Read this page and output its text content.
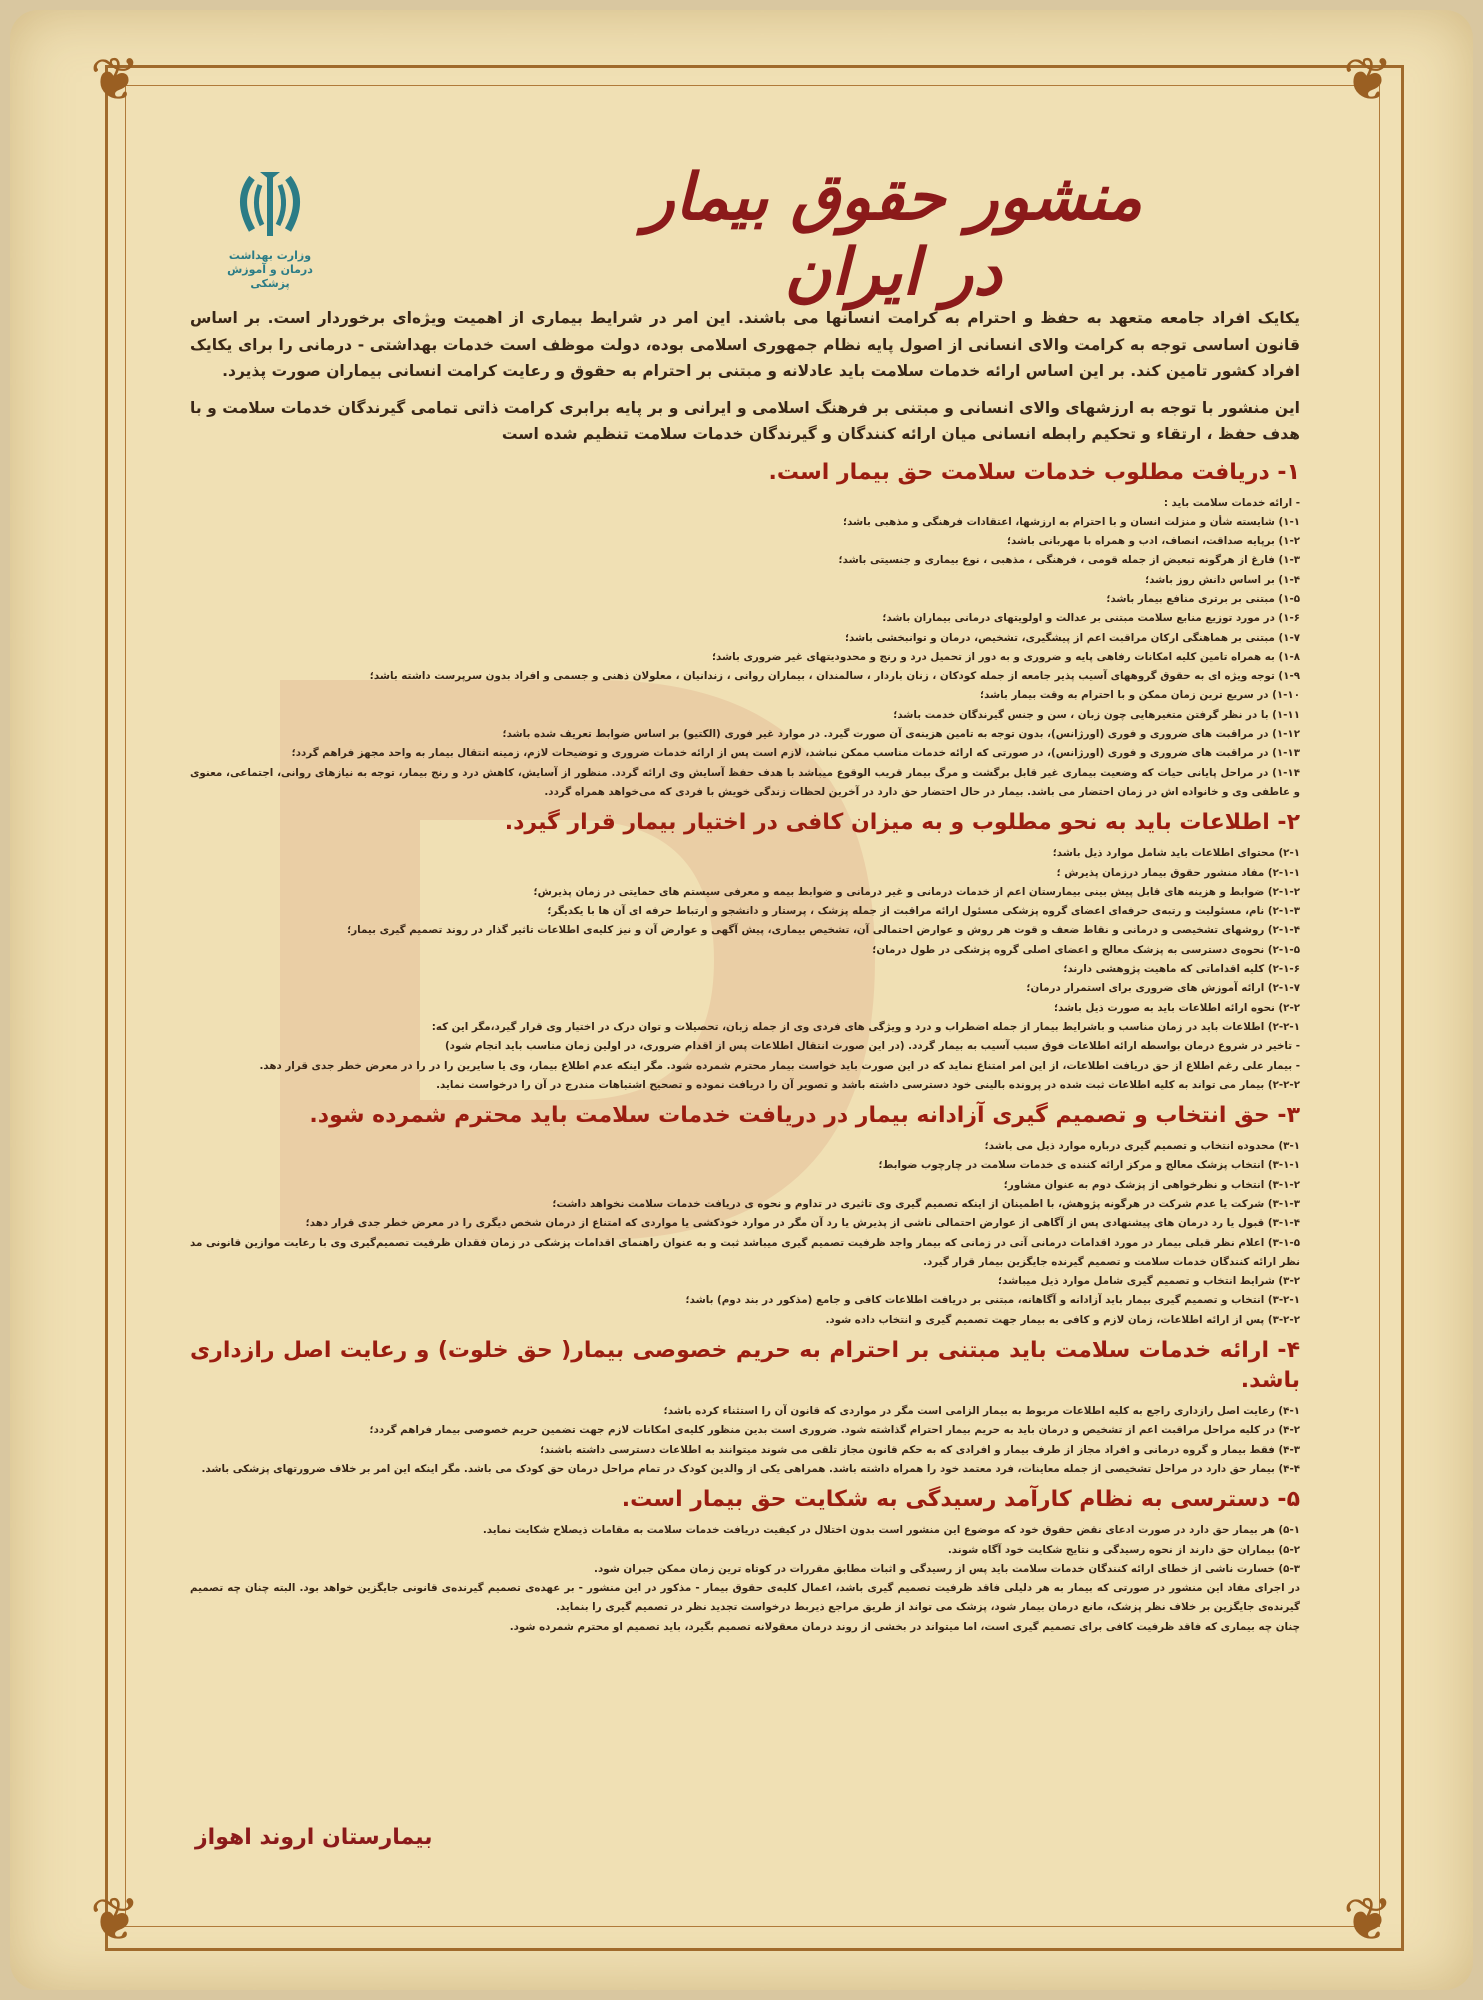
❦	❦
❦	❦
وزارت بهداشت
درمان و آموزش پزشکی
منشور حقوق بیمار در ایران

یکایک افراد جامعه متعهد به حفظ و احترام به کرامت انسانها می باشند. این امر در شرایط بیماری از اهمیت ویژه‌ای برخوردار است. بر اساس قانون اساسی توجه به کرامت والای انسانی از اصول پایه نظام جمهوری اسلامی بوده، دولت موظف است خدمات بهداشتی - درمانی را برای یکایک افراد کشور تامین کند. بر این اساس ارائه خدمات سلامت باید عادلانه و مبتنی بر احترام به حقوق و رعایت کرامت انسانی بیماران صورت پذیرد.

این منشور با توجه به ارزشهای والای انسانی و مبتنی بر فرهنگ اسلامی و ایرانی و بر پایه برابری کرامت ذاتی تمامی گیرندگان خدمات سلامت و با هدف حفظ ، ارتقاء و تحکیم رابطه انسانی میان ارائه کنندگان و گیرندگان خدمات سلامت تنظیم شده است

۱- دریافت مطلوب خدمات سلامت حق بیمار است.

- ارائه خدمات سلامت باید :

۱-۱) شایسته شأن و منزلت انسان و با احترام به ارزشها، اعتقادات فرهنگی و مذهبی باشد؛

۱-۲) برپایه صداقت، انصاف، ادب و همراه با مهربانی باشد؛

۱-۳) فارغ از هرگونه تبعیض از جمله قومی ، فرهنگی ، مذهبی ، نوع بیماری و جنسیتی باشد؛

۱-۴) بر اساس دانش روز باشد؛

۱-۵) مبتنی بر برتری منافع بیمار باشد؛

۱-۶) در مورد توزیع منابع سلامت مبتنی بر عدالت و اولویتهای درمانی بیماران باشد؛

۱-۷) مبتنی بر هماهنگی ارکان مراقبت اعم از پیشگیری، تشخیص، درمان و توانبخشی باشد؛

۱-۸) به همراه تامین کلیه امکانات رفاهی پایه و ضروری و به دور از تحمیل درد و رنج و محدودیتهای غیر ضروری باشد؛

۱-۹) توجه ویژه ای به حقوق گروههای آسیب پذیر جامعه از جمله کودکان ، زنان باردار ، سالمندان ، بیماران روانی ، زندانیان ، معلولان ذهنی و جسمی و افراد بدون سرپرست داشته باشد؛

۱-۱۰) در سریع ترین زمان ممکن و با احترام به وقت بیمار باشد؛

۱-۱۱) با در نظر گرفتن متغیرهایی چون زبان ، سن و جنس گیرندگان خدمت باشد؛

۱-۱۲) در مراقبت های ضروری و فوری (اورژانس)، بدون توجه به تامین هزینه‌ی آن صورت گیرد. در موارد غیر فوری (الکتیو) بر اساس ضوابط تعریف شده باشد؛

۱-۱۳) در مراقبت های ضروری و فوری (اورژانس)، در صورتی که ارائه خدمات مناسب ممکن نباشد، لازم است پس از ارائه خدمات ضروری و توضیحات لازم، زمینه انتقال بیمار به واحد مجهز فراهم گردد؛

۱-۱۴) در مراحل پایانی حیات که وضعیت بیماری غیر قابل برگشت و مرگ بیمار قریب الوقوع میباشد با هدف حفظ آسایش وی ارائه گردد. منظور از آسایش، کاهش درد و رنج بیمار، توجه به نیازهای روانی، اجتماعی، معنوی و عاطفی وی و خانواده اش در زمان احتضار می باشد. بیمار در حال احتضار حق دارد در آخرین لحظات زندگی خویش با فردی که می‌خواهد همراه گردد.

۲- اطلاعات باید به نحو مطلوب و به میزان کافی در اختیار بیمار قرار گیرد.

۲-۱) محتوای اطلاعات باید شامل موارد ذیل باشد؛

۲-۱-۱) مفاد منشور حقوق بیمار درزمان پذیرش ؛

۲-۱-۲) ضوابط و هزینه های قابل پیش بینی بیمارستان اعم از خدمات درمانی و غیر درمانی و ضوابط بیمه و معرفی سیستم های حمایتی در زمان پذیرش؛

۲-۱-۳) نام، مسئولیت و رتبه‌ی حرفه‌ای اعضای گروه پزشکی مسئول ارائه مراقبت از جمله پزشک ، پرستار و دانشجو و ارتباط حرفه ای آن ها با یکدیگر؛

۲-۱-۴) روشهای تشخیصی و درمانی و نقاط ضعف و قوت هر روش و عوارض احتمالی آن، تشخیص بیماری، پیش آگهی و عوارض آن و نیز کلیه‌ی اطلاعات تاثیر گذار در روند تصمیم گیری بیمار؛

۲-۱-۵) نحوه‌ی دسترسی به پزشک معالج و اعضای اصلی گروه پزشکی در طول درمان؛

۲-۱-۶) کلیه اقداماتی که ماهیت پژوهشی دارند؛

۲-۱-۷) ارائه آموزش های ضروری برای استمرار درمان؛

۲-۲) نحوه ارائه اطلاعات باید به صورت ذیل باشد؛

۲-۲-۱) اطلاعات باید در زمان مناسب و باشرایط بیمار از جمله اضطراب و درد و ویژگی های فردی وی از جمله زبان، تحصیلات و توان درک در اختیار وی قرار گیرد،مگر این که:

- تاخیر در شروع درمان بواسطه ارائه اطلاعات فوق سبب آسیب به بیمار گردد. (در این صورت انتقال اطلاعات پس از اقدام ضروری، در اولین زمان مناسب باید انجام شود)

- بیمار علی رغم اطلاع از حق دریافت اطلاعات، از این امر امتناع نماید که در این صورت باید خواست بیمار محترم شمرده شود. مگر اینکه عدم اطلاع بیمار، وی یا سایرین را در را در معرض خطر جدی قرار دهد.

۲-۲-۲) بیمار می تواند به کلیه اطلاعات ثبت شده در پرونده بالینی خود دسترسی داشته باشد و تصویر آن را دریافت نموده و تصحیح اشتباهات مندرج در آن را درخواست نماید.

۳- حق انتخاب و تصمیم گیری آزادانه بیمار در دریافت خدمات سلامت باید محترم شمرده شود.

۳-۱) محدوده انتخاب و تصمیم گیری درباره موارد ذیل می باشد؛

۳-۱-۱) انتخاب پزشک معالج و مرکز ارائه کننده ی خدمات سلامت در چارچوب ضوابط؛

۳-۱-۲) انتخاب و نظرخواهی از پزشک دوم به عنوان مشاور؛

۳-۱-۳) شرکت یا عدم شرکت در هرگونه پژوهش، با اطمینان از اینکه تصمیم گیری وی تاثیری در تداوم و نحوه ی دریافت خدمات سلامت نخواهد داشت؛

۳-۱-۴) قبول یا رد درمان های پیشنهادی پس از آگاهی از عوارض احتمالی ناشی از پذیرش یا رد آن مگر در موارد خودکشی یا مواردی که امتناع از درمان شخص دیگری را در معرض خطر جدی قرار دهد؛

۳-۱-۵) اعلام نظر قبلی بیمار در مورد اقدامات درمانی آتی در زمانی که بیمار واجد ظرفیت تصمیم گیری میباشد ثبت و به عنوان راهنمای اقدامات پزشکی در زمان فقدان ظرفیت تصمیم‌گیری وی با رعایت موازین قانونی مد نظر ارائه کنندگان خدمات سلامت و تصمیم گیرنده جایگزین بیمار قرار گیرد.

۳-۲) شرایط انتخاب و تصمیم گیری شامل موارد ذیل میباشد؛

۳-۲-۱) انتخاب و تصمیم گیری بیمار باید آزادانه و آگاهانه، مبتنی بر دریافت اطلاعات کافی و جامع (مذکور در بند دوم) باشد؛

۳-۲-۲) پس از ارائه اطلاعات، زمان لازم و کافی به بیمار جهت تصمیم گیری و انتخاب داده شود.

۴- ارائه خدمات سلامت باید مبتنی بر احترام به حریم خصوصی بیمار( حق خلوت) و رعایت اصل رازداری باشد.

۴-۱) رعایت اصل رازداری راجع به کلیه اطلاعات مربوط به بیمار الزامی است مگر در مواردی که قانون آن را استثناء کرده باشد؛

۴-۲) در کلیه مراحل مراقبت اعم از تشخیص و درمان باید به حریم بیمار احترام گذاشته شود. ضروری است بدین منظور کلیه‌ی امکانات لازم جهت تضمین حریم خصوصی بیمار فراهم گردد؛

۴-۳) فقط بیمار و گروه درمانی و افراد مجاز از طرف بیمار و افرادی که به حکم قانون مجاز تلقی می شوند میتوانند به اطلاعات دسترسی داشته باشند؛

۴-۴) بیمار حق دارد در مراحل تشخیصی از جمله معاینات، فرد معتمد خود را همراه داشته باشد. همراهی یکی از والدین کودک در تمام مراحل درمان حق کودک می باشد. مگر اینکه این امر بر خلاف ضرورتهای پزشکی باشد.

۵- دسترسی به نظام کارآمد رسیدگی به شکایت حق بیمار است.

۵-۱) هر بیمار حق دارد در صورت ادعای نقض حقوق خود که موضوع این منشور است بدون اختلال در کیفیت دریافت خدمات سلامت به مقامات ذیصلاح شکایت نماید.

۵-۲) بیماران حق دارند از نحوه رسیدگی و نتایج شکایت خود آگاه شوند.

۵-۳) خسارت ناشی از خطای ارائه کنندگان خدمات سلامت باید پس از رسیدگی و اثبات مطابق مقررات در کوتاه ترین زمان ممکن جبران شود.

در اجرای مفاد این منشور در صورتی که بیمار به هر دلیلی فاقد ظرفیت تصمیم گیری باشد، اعمال کلیه‌ی حقوق بیمار - مذکور در این منشور - بر عهده‌ی تصمیم گیرنده‌ی قانونی جایگزین خواهد بود. البته چنان چه تصمیم گیرنده‌ی جایگزین بر خلاف نظر پزشک، مانع درمان بیمار شود، پزشک می تواند از طریق مراجع ذیربط درخواست تجدید نظر در تصمیم گیری را بنماید.

چنان چه بیماری که فاقد ظرفیت کافی برای تصمیم گیری است، اما میتواند در بخشی از روند درمان معقولانه تصمیم بگیرد، باید تصمیم او محترم شمرده شود.

بیمارستان اروند اهواز
